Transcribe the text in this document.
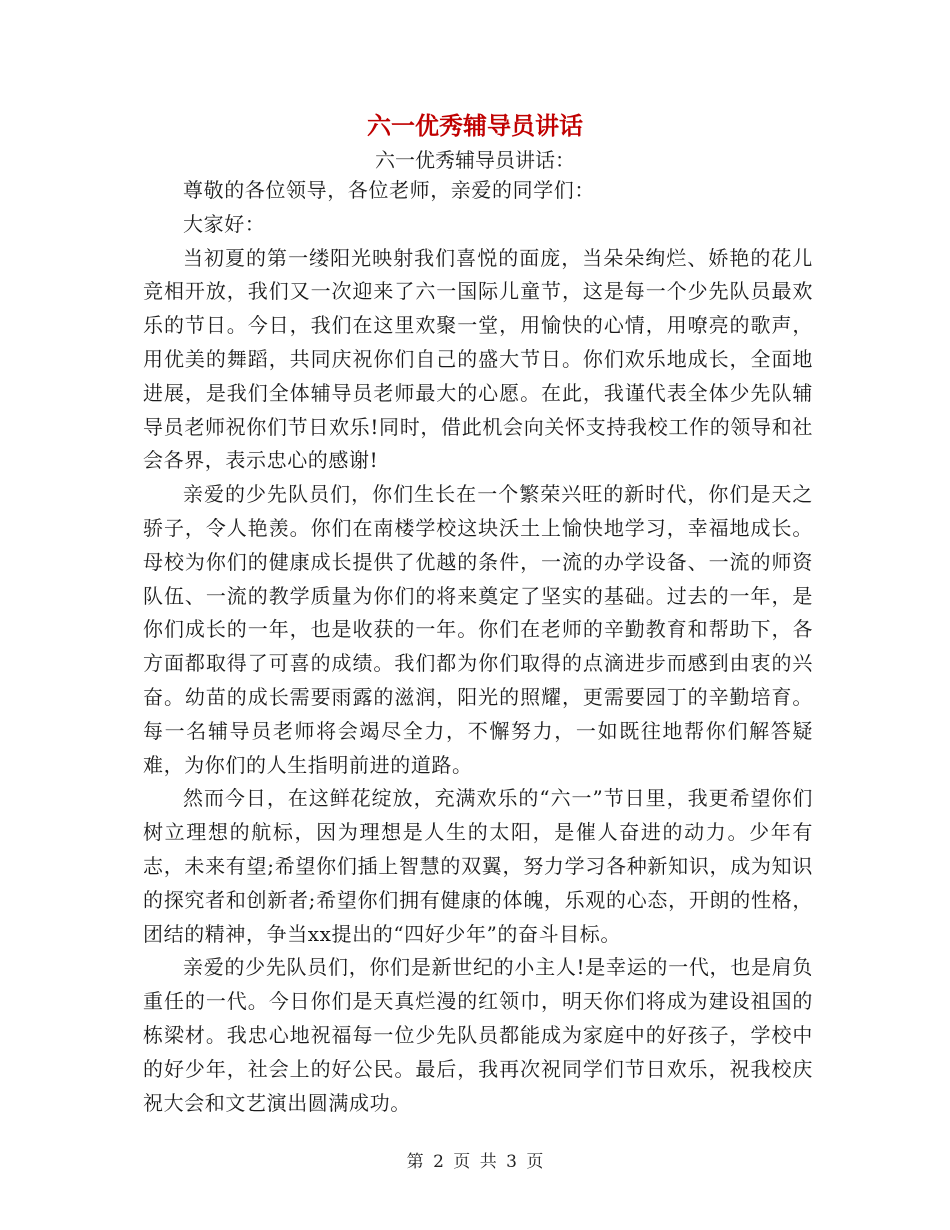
六一优秀辅导员讲话

六一优秀辅导员讲话：

尊敬的各位领导，各位老师，亲爱的同学们：

大家好：

当初夏的第一缕阳光映射我们喜悦的面庞，当朵朵绚烂、娇艳的花儿竞相开放，我们又一次迎来了六一国际儿童节，这是每一个少先队员最欢乐的节日。今日，我们在这里欢聚一堂，用愉快的心情，用嘹亮的歌声，用优美的舞蹈，共同庆祝你们自己的盛大节日。你们欢乐地成长，全面地进展，是我们全体辅导员老师最大的心愿。在此，我谨代表全体少先队辅导员老师祝你们节日欢乐!同时，借此机会向关怀支持我校工作的领导和社会各界，表示忠心的感谢!

亲爱的少先队员们，你们生长在一个繁荣兴旺的新时代，你们是天之骄子，令人艳羡。你们在南楼学校这块沃土上愉快地学习，幸福地成长。母校为你们的健康成长提供了优越的条件，一流的办学设备、一流的师资队伍、一流的教学质量为你们的将来奠定了坚实的基础。过去的一年，是你们成长的一年，也是收获的一年。你们在老师的辛勤教育和帮助下，各方面都取得了可喜的成绩。我们都为你们取得的点滴进步而感到由衷的兴奋。幼苗的成长需要雨露的滋润，阳光的照耀，更需要园丁的辛勤培育。每一名辅导员老师将会竭尽全力，不懈努力，一如既往地帮你们解答疑难，为你们的人生指明前进的道路。

然而今日，在这鲜花绽放，充满欢乐的“六一”节日里，我更希望你们树立理想的航标，因为理想是人生的太阳，是催人奋进的动力。少年有志，未来有望;希望你们插上智慧的双翼，努力学习各种新知识，成为知识的探究者和创新者;希望你们拥有健康的体魄，乐观的心态，开朗的性格，团结的精神，争当xx提出的“四好少年”的奋斗目标。

亲爱的少先队员们，你们是新世纪的小主人!是幸运的一代，也是肩负重任的一代。今日你们是天真烂漫的红领巾，明天你们将成为建设祖国的栋梁材。我忠心地祝福每一位少先队员都能成为家庭中的好孩子，学校中的好少年，社会上的好公民。最后，我再次祝同学们节日欢乐，祝我校庆祝大会和文艺演出圆满成功。

第 2 页 共 3 页
